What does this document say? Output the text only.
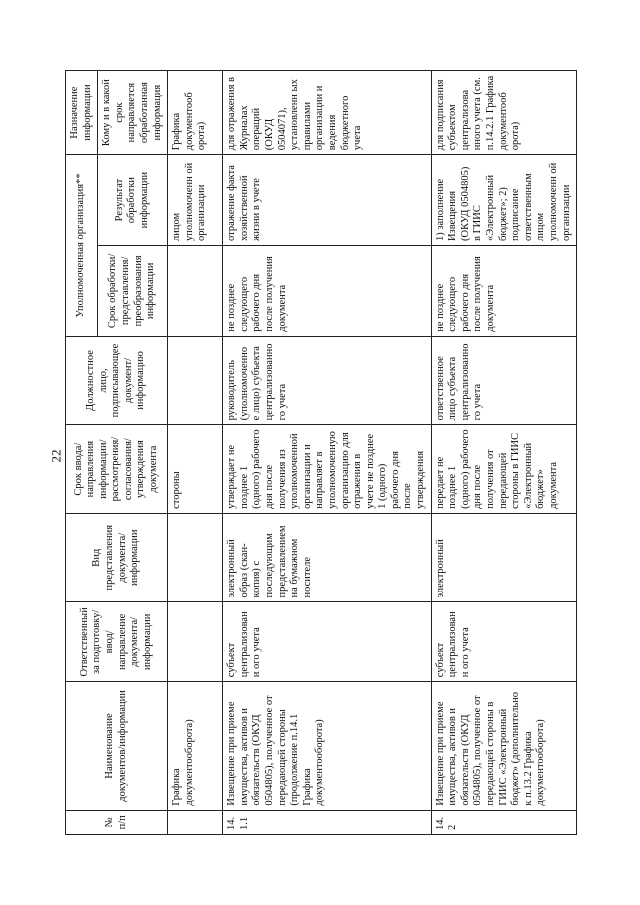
22
№ п/п	Наименование документов/информации	Ответственный за подготовку/ ввод/ направление документа/ информации	Вид представления документа/ информации	Срок ввода/ направления информации/ рассмотрения/ согласования/ утверждения документа	Должностное лицо, подписывающее документ/ информацию	Уполномоченная организация**		Назначение информации
						Срок обработки/ представления/ преобразования информации	Результат обработки информации	Кому и в какой срок направляется обработанная информация
	Графика документооборота)			стороны			лицом уполномоченн ой организации	Графика документооб орота)
14.1.1	Извещение при приеме имущества, активов и обязательств (ОКУД 0504805), полученное от передающей стороны (продолжение п.14.1 Графика документооборота)	субъект централизовани ого учета	электронный образ (скан-копия) с последующим представлением на бумажном носителе	утверждает не позднее 1 (одного) рабочего дня после получения из уполномоченной организации и направляет в уполномоченную организацию для отражения в учете не позднее 1 (одного) рабочего дня после утверждения	руководитель (уполномоченно е лицо) субъекта централизованно го учета	не позднее следующего рабочего дня после получения документа	отражение факта хозяйственной жизни в учете	для отражения в Журналах операций (ОКУД 0504071), установленн ых правилами организации и ведения бюджетного учета
14.2	Извещение при приеме имущества, активов и обязательств (ОКУД 0504805), полученное от передающей стороны в ГИИС «Электронный бюджет» (дополнительно к п.13.2 Графика документооборота)	субъект централизованн ого учета	электронный	передает не позднее 1 (одного) рабочего дня после получения от передающей стороны в ГИИС «Электронный бюджет» документа	ответственное лицо субъекта централизованно го учета	не позднее следующего рабочего дня после получения документа	1) заполнение Извещения (ОКУД 0504805) в ГИИС «Электронный бюджет»; 2) подписание ответственным лицом уполномоченн ой организации	для подписания субъектом централизова нного учета (см. п.14.2.1 Графика документооб орота)
